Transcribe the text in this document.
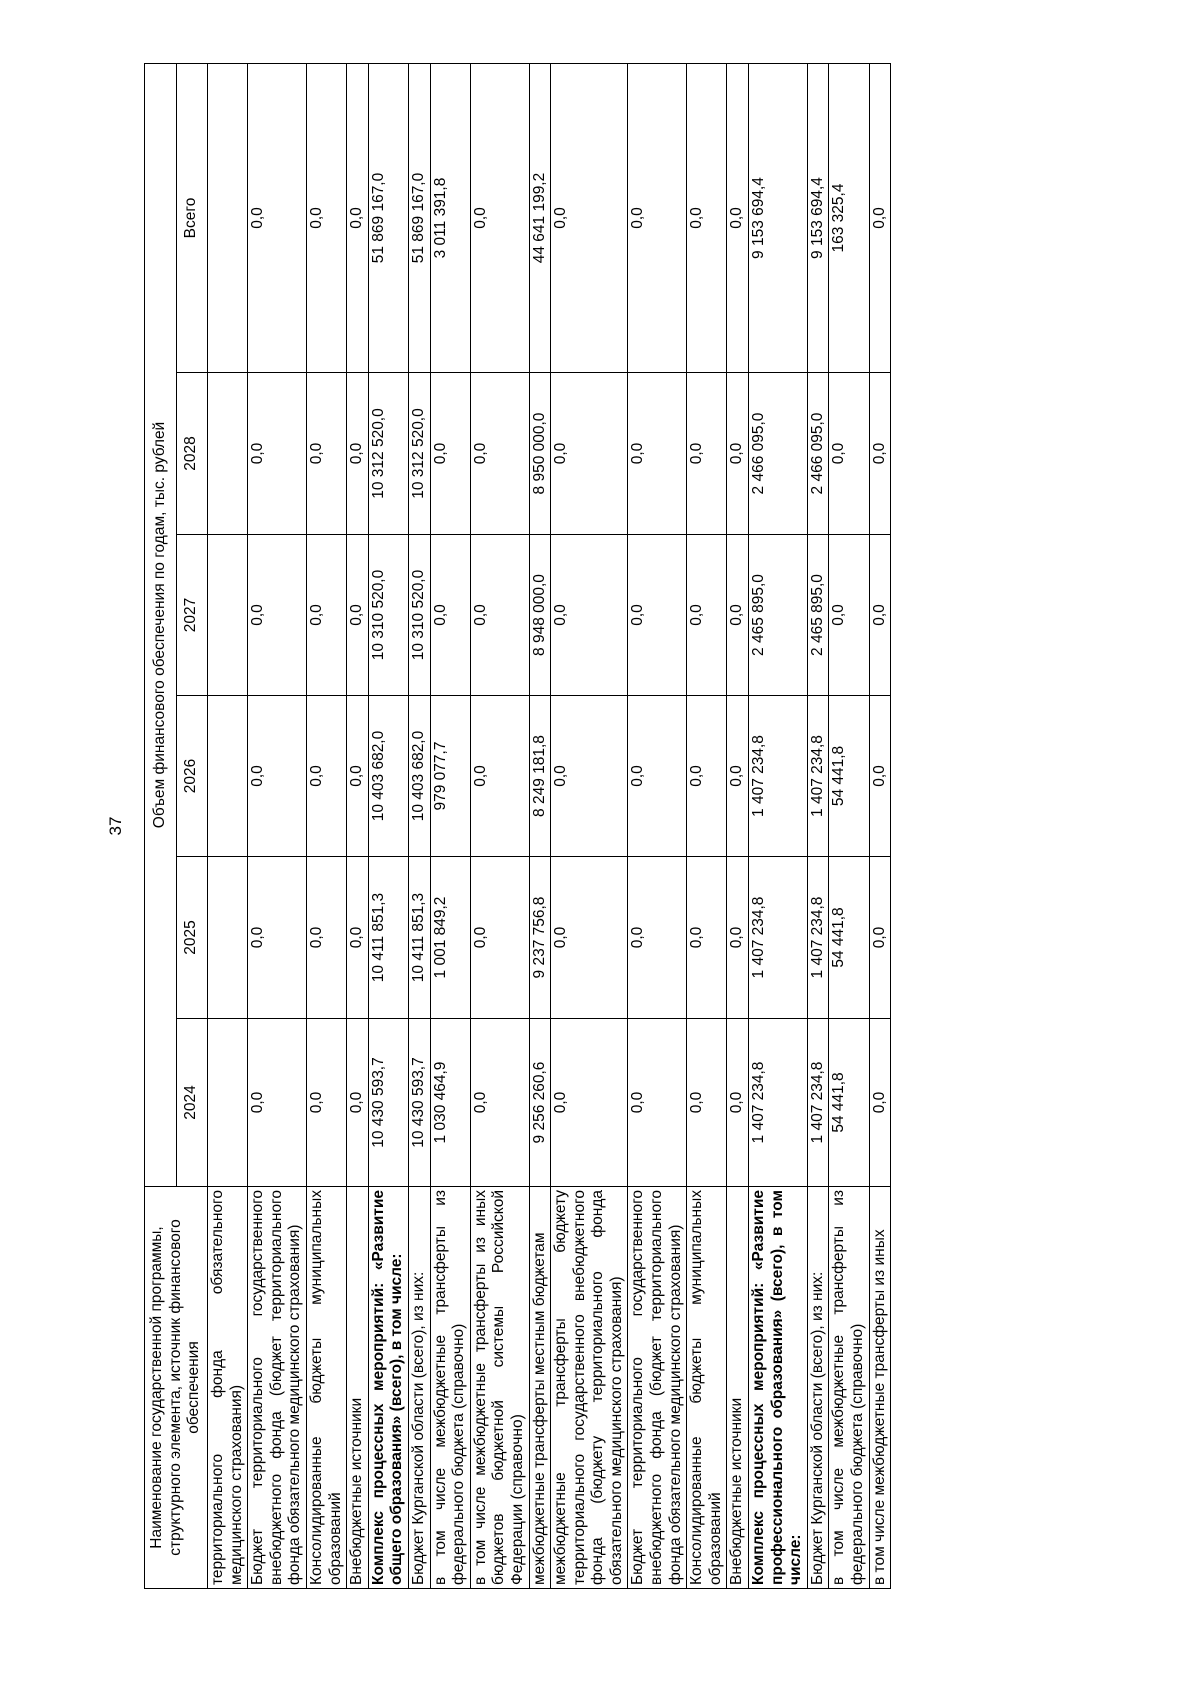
37
Наименование государственной программы, структурного элемента, источник финансового обеспечения	Объем финансового обеспечения по годам, тыс. рублей					
	2024	2025	2026	2027	2028	Всего
территориального фонда обязательного медицинского страхования)						
Бюджет территориального государственного внебюджетного фонда (бюджет территориального фонда обязательного медицинского страхования)	0,0	0,0	0,0	0,0	0,0	0,0
Консолидированные бюджеты муниципальных образований	0,0	0,0	0,0	0,0	0,0	0,0
Внебюджетные источники	0,0	0,0	0,0	0,0	0,0	0,0
Комплекс процессных мероприятий: «Развитие общего образования» (всего), в том числе:	10 430 593,7	10 411 851,3	10 403 682,0	10 310 520,0	10 312 520,0	51 869 167,0
Бюджет Курганской области (всего), из них:	10 430 593,7	10 411 851,3	10 403 682,0	10 310 520,0	10 312 520,0	51 869 167,0
в том числе межбюджетные трансферты из федерального бюджета (справочно)	1 030 464,9	1 001 849,2	979 077,7	0,0	0,0	3 011 391,8
в том числе межбюджетные трансферты из иных бюджетов бюджетной системы Российской Федерации (справочно)	0,0	0,0	0,0	0,0	0,0	0,0
межбюджетные трансферты местным бюджетам	9 256 260,6	9 237 756,8	8 249 181,8	8 948 000,0	8 950 000,0	44 641 199,2
межбюджетные трансферты бюджету территориального государственного внебюджетного фонда (бюджету территориального фонда обязательного медицинского страхования)	0,0	0,0	0,0	0,0	0,0	0,0
Бюджет территориального государственного внебюджетного фонда (бюджет территориального фонда обязательного медицинского страхования)	0,0	0,0	0,0	0,0	0,0	0,0
Консолидированные бюджеты муниципальных образований	0,0	0,0	0,0	0,0	0,0	0,0
Внебюджетные источники	0,0	0,0	0,0	0,0	0,0	0,0
Комплекс процессных мероприятий: «Развитие профессионального образования» (всего), в том числе:	1 407 234,8	1 407 234,8	1 407 234,8	2 465 895,0	2 466 095,0	9 153 694,4
Бюджет Курганской области (всего), из них:	1 407 234,8	1 407 234,8	1 407 234,8	2 465 895,0	2 466 095,0	9 153 694,4
в том числе межбюджетные трансферты из федерального бюджета (справочно)	54 441,8	54 441,8	54 441,8	0,0	0,0	163 325,4
в том числе межбюджетные трансферты из иных	0,0	0,0	0,0	0,0	0,0	0,0
